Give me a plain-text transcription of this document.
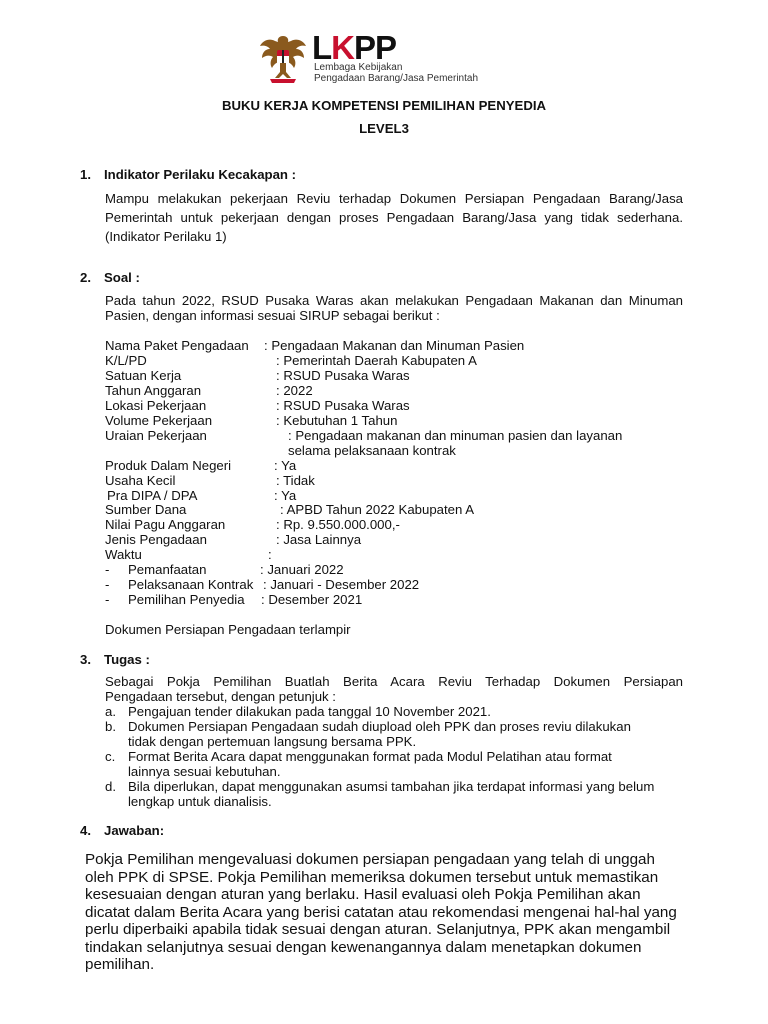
LKPP
Lembaga Kebijakan
Pengadaan Barang/Jasa Pemerintah
BUKU KERJA KOMPETENSI PEMILIHAN PENYEDIA
LEVEL3
1. Indikator Perilaku Kecakapan :
Mampu melakukan pekerjaan Reviu terhadap Dokumen Persiapan Pengadaan Barang/Jasa
Pemerintah untuk pekerjaan dengan proses Pengadaan Barang/Jasa yang tidak sederhana.
(Indikator Perilaku 1)
2. Soal :
Pada tahun 2022, RSUD Pusaka Waras akan melakukan Pengadaan Makanan dan Minuman
Pasien, dengan informasi sesuai SIRUP sebagai berikut :
Nama Paket Pengadaan : Pengadaan Makanan dan Minuman Pasien
K/L/PD	: Pemerintah Daerah Kabupaten A
Satuan Kerja	: RSUD Pusaka Waras
Tahun Anggaran	: 2022
Lokasi Pekerjaan	: RSUD Pusaka Waras
Volume Pekerjaan	: Kebutuhan 1 Tahun
Uraian Pekerjaan	: Pengadaan makanan dan minuman pasien dan layanan
selama pelaksanaan kontrak
Produk Dalam Negeri	: Ya
Usaha Kecil	: Tidak
Pra DIPA / DPA	: Ya
Sumber Dana	: APBD Tahun 2022 Kabupaten A
Nilai Pagu Anggaran	: Rp. 9.550.000.000,-
Jenis Pengadaan	: Jasa Lainnya
Waktu	:
- Pemanfaatan	: Januari 2022
- Pelaksanaan Kontrak : Januari - Desember 2022
- Pemilihan Penyedia : Desember 2021
Dokumen Persiapan Pengadaan terlampir
3. Tugas :
Sebagai Pokja Pemilihan Buatlah Berita Acara Reviu Terhadap Dokumen Persiapan
Pengadaan tersebut, dengan petunjuk :
a. Pengajuan tender dilakukan pada tanggal 10 November 2021.
b. Dokumen Persiapan Pengadaan sudah diupload oleh PPK dan proses reviu dilakukan
tidak dengan pertemuan langsung bersama PPK.
c. Format Berita Acara dapat menggunakan format pada Modul Pelatihan atau format
lainnya sesuai kebutuhan.
d. Bila diperlukan, dapat menggunakan asumsi tambahan jika terdapat informasi yang belum
lengkap untuk dianalisis.
4. Jawaban:
Pokja Pemilihan mengevaluasi dokumen persiapan pengadaan yang telah di unggah
oleh PPK di SPSE. Pokja Pemilihan memeriksa dokumen tersebut untuk memastikan
kesesuaian dengan aturan yang berlaku. Hasil evaluasi oleh Pokja Pemilihan akan
dicatat dalam Berita Acara yang berisi catatan atau rekomendasi mengenai hal-hal yang
perlu diperbaiki apabila tidak sesuai dengan aturan. Selanjutnya, PPK akan mengambil
tindakan selanjutnya sesuai dengan kewenangannya dalam menetapkan dokumen
pemilihan.
